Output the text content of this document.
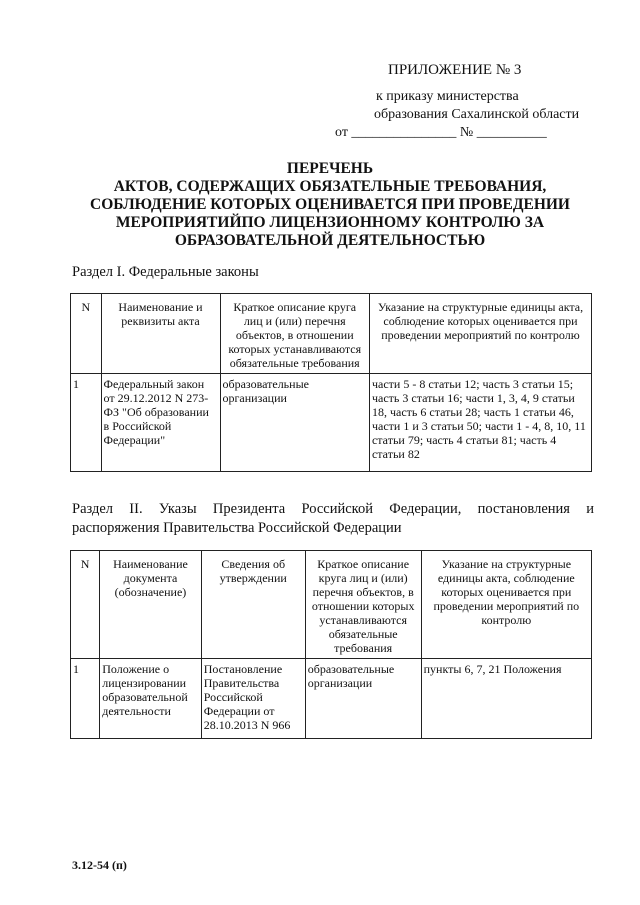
ПРИЛОЖЕНИЕ № 3
к приказу министерства
образования Сахалинской области
от _______________ № __________
ПЕРЕЧЕНЬ
АКТОВ, СОДЕРЖАЩИХ ОБЯЗАТЕЛЬНЫЕ ТРЕБОВАНИЯ,
СОБЛЮДЕНИЕ КОТОРЫХ ОЦЕНИВАЕТСЯ ПРИ ПРОВЕДЕНИИ
МЕРОПРИЯТИЙПО ЛИЦЕНЗИОННОМУ КОНТРОЛЮ ЗА
ОБРАЗОВАТЕЛЬНОЙ ДЕЯТЕЛЬНОСТЬЮ
Раздел I. Федеральные законы
N	Наименование и реквизиты акта	Краткое описание круга лиц и (или) перечня объектов, в отношении которых устанавливаются обязательные требования	Указание на структурные единицы акта, соблюдение которых оценивается при проведении мероприятий по контролю
1	Федеральный закон от 29.12.2012 N 273-ФЗ "Об образовании в Российской Федерации"	образовательные организации	части 5 - 8 статьи 12; часть 3 статьи 15; часть 3 статьи 16; части 1, 3, 4, 9 статьи 18, часть 6 статьи 28; часть 1 статьи 46, части 1 и 3 статьи 50; части 1 - 4, 8, 10, 11 статьи 79; часть 4 статьи 81; часть 4 статьи 82
Раздел II. Указы Президента Российской Федерации, постановления и распоряжения Правительства Российской Федерации
N	Наименование документа (обозначение)	Сведения об утверждении	Краткое описание круга лиц и (или) перечня объектов, в отношении которых устанавливаются обязательные требования	Указание на структурные единицы акта, соблюдение которых оценивается при проведении мероприятий по контролю
1	Положение о лицензировании образовательной деятельности	Постановление Правительства Российской Федерации от 28.10.2013 N 966	образовательные организации	пункты 6, 7, 21 Положения
3.12-54 (п)
